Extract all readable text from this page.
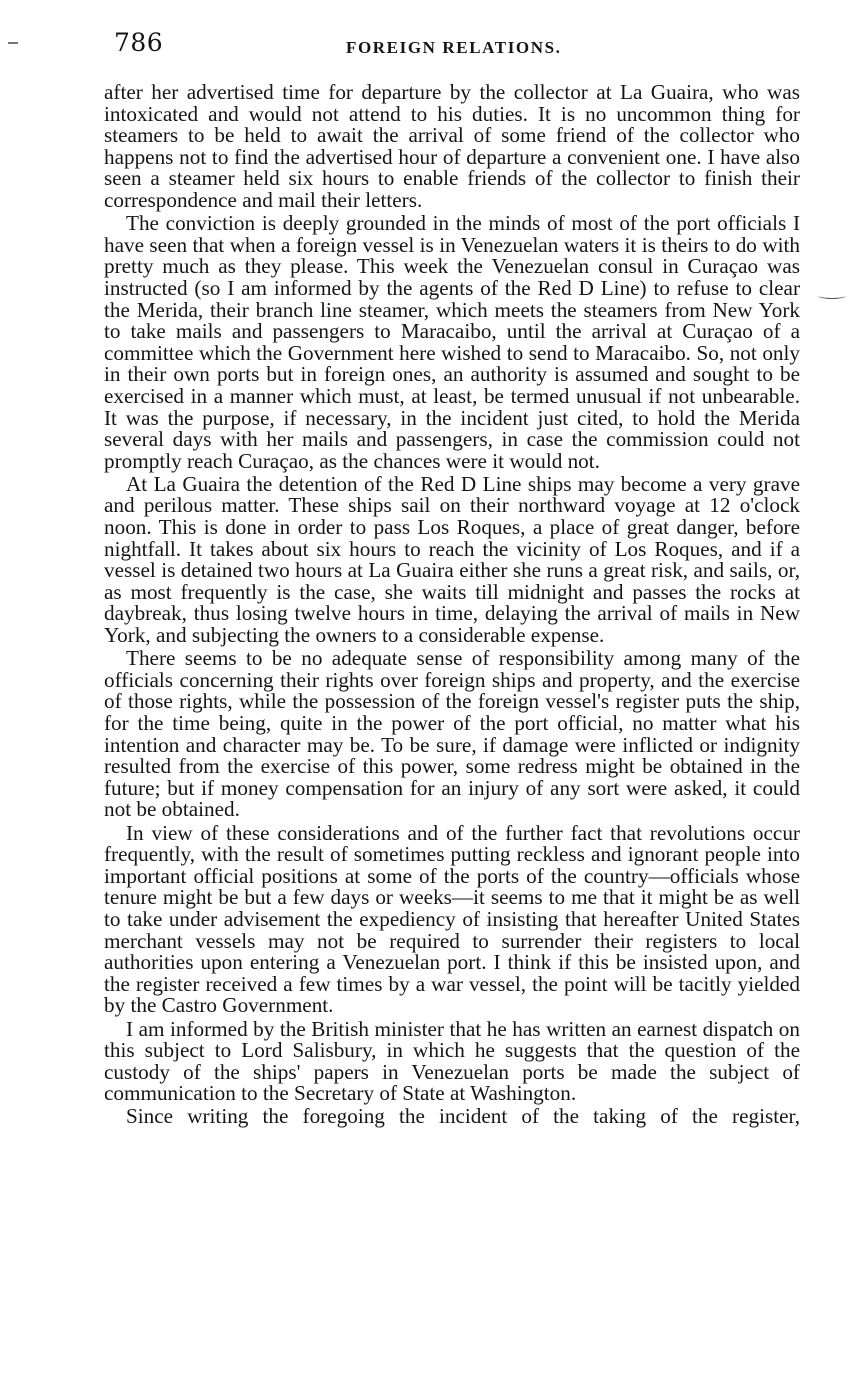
786	FOREIGN RELATIONS.

after her advertised time for departure by the collector at La Guaira, who was intoxicated and would not attend to his duties. It is no uncommon thing for steamers to be held to await the arrival of some friend of the collector who happens not to find the advertised hour of departure a convenient one. I have also seen a steamer held six hours to enable friends of the collector to finish their correspondence and mail their letters.

The conviction is deeply grounded in the minds of most of the port officials I have seen that when a foreign vessel is in Venezuelan waters it is theirs to do with pretty much as they please. This week the Venezuelan consul in Curaçao was instructed (so I am informed by the agents of the Red D Line) to refuse to clear the Merida, their branch line steamer, which meets the steamers from New York to take mails and passengers to Maracaibo, until the arrival at Curaçao of a committee which the Government here wished to send to Maracaibo. So, not only in their own ports but in foreign ones, an authority is assumed and sought to be exercised in a manner which must, at least, be termed unusual if not unbearable. It was the purpose, if necessary, in the incident just cited, to hold the Merida several days with her mails and passengers, in case the commission could not promptly reach Curaçao, as the chances were it would not.

At La Guaira the detention of the Red D Line ships may become a very grave and perilous matter. These ships sail on their northward voyage at 12 o'clock noon. This is done in order to pass Los Roques, a place of great danger, before nightfall. It takes about six hours to reach the vicinity of Los Roques, and if a vessel is detained two hours at La Guaira either she runs a great risk, and sails, or, as most frequently is the case, she waits till midnight and passes the rocks at daybreak, thus losing twelve hours in time, delaying the arrival of mails in New York, and subjecting the owners to a considerable expense.

There seems to be no adequate sense of responsibility among many of the officials concerning their rights over foreign ships and property, and the exercise of those rights, while the possession of the foreign vessel's register puts the ship, for the time being, quite in the power of the port official, no matter what his intention and character may be. To be sure, if damage were inflicted or indignity resulted from the exercise of this power, some redress might be obtained in the future; but if money compensation for an injury of any sort were asked, it could not be obtained.

In view of these considerations and of the further fact that revolutions occur frequently, with the result of sometimes putting reckless and ignorant people into important official positions at some of the ports of the country—officials whose tenure might be but a few days or weeks—it seems to me that it might be as well to take under advisement the expediency of insisting that hereafter United States merchant vessels may not be required to surrender their registers to local authorities upon entering a Venezuelan port. I think if this be insisted upon, and the register received a few times by a war vessel, the point will be tacitly yielded by the Castro Government.

I am informed by the British minister that he has written an earnest dispatch on this subject to Lord Salisbury, in which he suggests that the question of the custody of the ships' papers in Venezuelan ports be made the subject of communication to the Secretary of State at Washington.

Since writing the foregoing the incident of the taking of the register,
